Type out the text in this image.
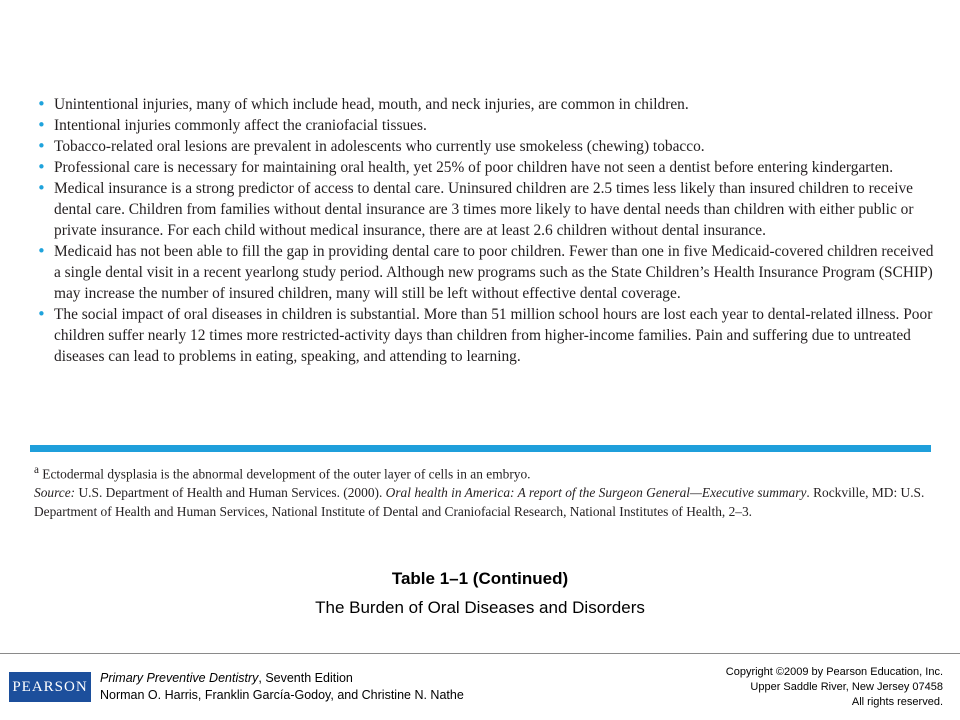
• Unintentional injuries, many of which include head, mouth, and neck injuries, are common in children.
• Intentional injuries commonly affect the craniofacial tissues.
• Tobacco-related oral lesions are prevalent in adolescents who currently use smokeless (chewing) tobacco.
• Professional care is necessary for maintaining oral health, yet 25% of poor children have not seen a dentist before entering kindergarten.
• Medical insurance is a strong predictor of access to dental care. Uninsured children are 2.5 times less likely than insured children to receive dental care. Children from families without dental insurance are 3 times more likely to have dental needs than children with either public or private insurance. For each child without medical insurance, there are at least 2.6 children without dental insurance.
• Medicaid has not been able to fill the gap in providing dental care to poor children. Fewer than one in five Medicaid-covered children received a single dental visit in a recent yearlong study period. Although new programs such as the State Children’s Health Insurance Program (SCHIP) may increase the number of insured children, many will still be left without effective dental coverage.
• The social impact of oral diseases in children is substantial. More than 51 million school hours are lost each year to dental-related illness. Poor children suffer nearly 12 times more restricted-activity days than children from higher-income families. Pain and suffering due to untreated diseases can lead to problems in eating, speaking, and attending to learning.

$^a$ Ectodermal dysplasia is the abnormal development of the outer layer of cells in an embryo.

Source: U.S. Department of Health and Human Services. (2000). Oral health in America: A report of the Surgeon General—Executive summary. Rockville, MD: U.S. Department of Health and Human Services, National Institute of Dental and Craniofacial Research, National Institutes of Health, 2–3.

Table 1–1 (Continued)
The Burden of Oral Diseases and Disorders
PEARSON
Primary Preventive Dentistry, Seventh Edition
Norman O. Harris, Franklin García-Godoy, and Christine N. Nathe
Copyright ©2009 by Pearson Education, Inc.
Upper Saddle River, New Jersey 07458
All rights reserved.
